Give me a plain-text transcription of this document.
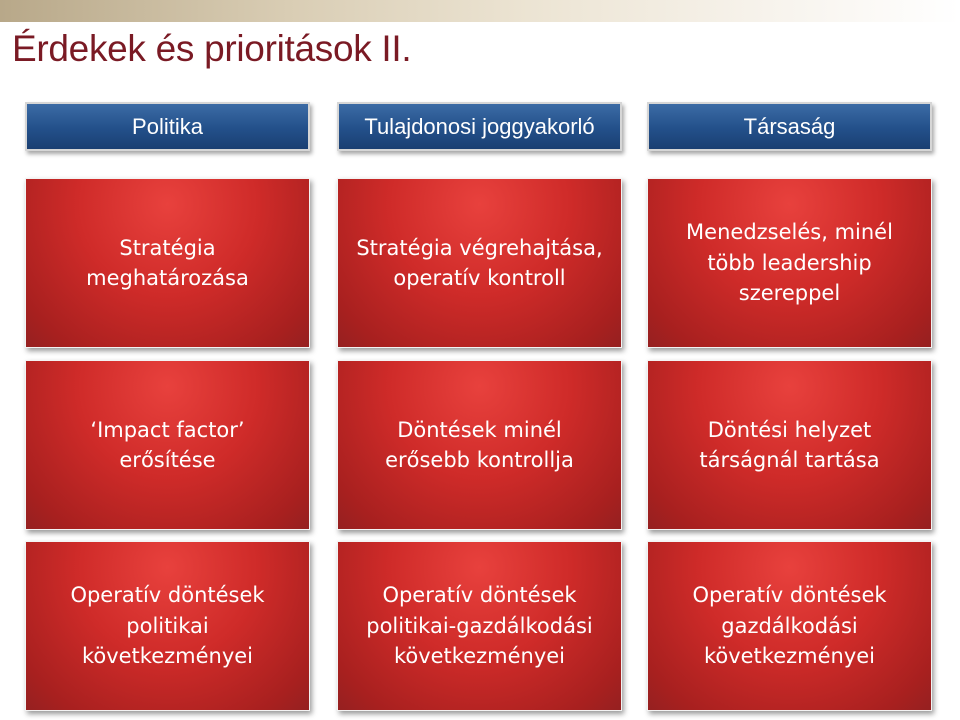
Érdekek és prioritások II.
Politika	Tulajdonosi joggyakorló	Társaság
Stratégia meghatározása
Stratégia végrehajtása, operatív kontroll
Menedzselés, minél több leadership szereppel
‘Impact factor’ erősítése
Döntések minél erősebb kontrollja
Döntési helyzet társágnál tartása
Operatív döntések politikai következményei
Operatív döntések politikai-gazdálkodási következményei
Operatív döntések gazdálkodási következményei
